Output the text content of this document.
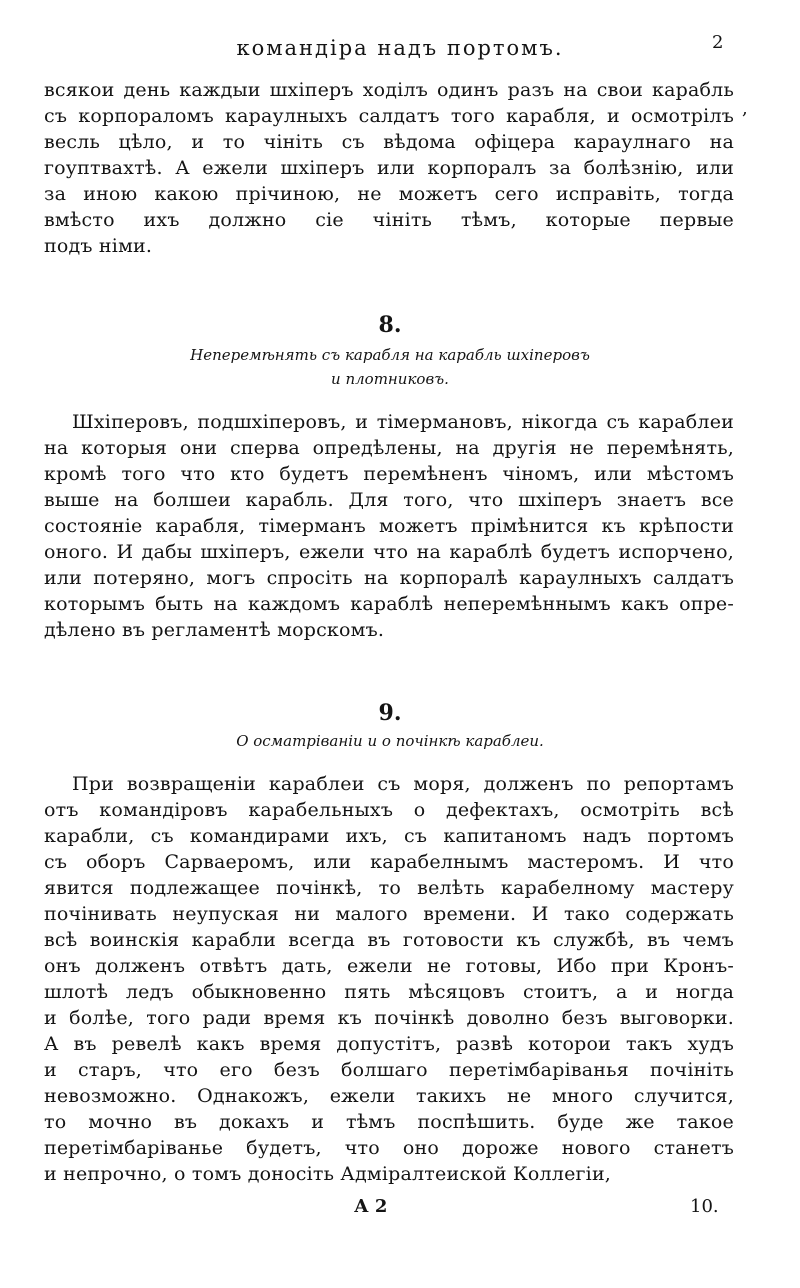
командiра надъ портомъ.	2
,
всякои день каждыи шхiперъ ходiлъ одинъ разъ на свои карабль
съ корпораломъ караулныхъ салдатъ того карабля, и осмотрiлъ
весль цѣло, и то чiнiть съ вѣдома офiцера караулнаго на
гоуптвахтѣ. А ежели шхiперъ или корпоралъ за болѣзнiю, или
за иною какою прiчиною, не можетъ сего исправiть, тогда
вмѣсто ихъ должно сiе чiнiть тѣмъ, которые первые
подъ нiми.
8.
Неперемѣнять съ карабля на карабль шхiперовъ
и плотниковъ.
Шхiперовъ, подшхiперовъ, и тiмермановъ, нiкогда съ караблеи
на которыя они сперва опредѣлены, на другiя не перемѣнять,
кромѣ того что кто будетъ перемѣненъ чiномъ, или мѣстомъ
выше на болшеи карабль. Для того, что шхiперъ знаетъ все
состоянiе карабля, тiмерманъ можетъ прiмѣнится къ крѣпости
оного. И дабы шхiперъ, ежели что на караблѣ будетъ испорчено,
или потеряно, могъ спросiть на корпоралѣ караулныхъ салдатъ
которымъ быть на каждомъ караблѣ неперемѣннымъ какъ опре-
дѣлено въ регламентѣ морскомъ.
9.
О осматрiванiи и о почiнкѣ караблеи.
При возвращенiи караблеи съ моря, долженъ по репортамъ
отъ командiровъ карабельныхъ о дефектахъ, осмотрiть всѣ
карабли, съ командирами ихъ, съ капитаномъ надъ портомъ
съ оборъ Сарваеромъ, или карабелнымъ мастеромъ. И что
явится подлежащее почiнкѣ, то велѣть карабелному мастеру
почiнивать неупуская ни малого времени. И тако содержать
всѣ воинскiя карабли всегда въ готовости къ службѣ, въ чемъ
онъ долженъ отвѣтъ дать, ежели не готовы, Ибо при Кронъ-
шлотѣ ледъ обыкновенно пять мѣсяцовъ стоитъ, а и ногда
и болѣе, того ради время къ почiнкѣ доволно безъ выговорки.
А въ ревелѣ какъ время допустiтъ, развѣ которои такъ худъ
и старъ, что его безъ болшаго перетiмбарiванья почiнiть
невозможно. Однакожъ, ежели такихъ не много случится,
то мочно въ докахъ и тѣмъ поспѣшить. буде же такое
перетiмбарiванье будетъ, что оно дороже нового станетъ
и непрочно, о томъ доносiть Адмiралтеиской Коллегiи,
А 2	10.
